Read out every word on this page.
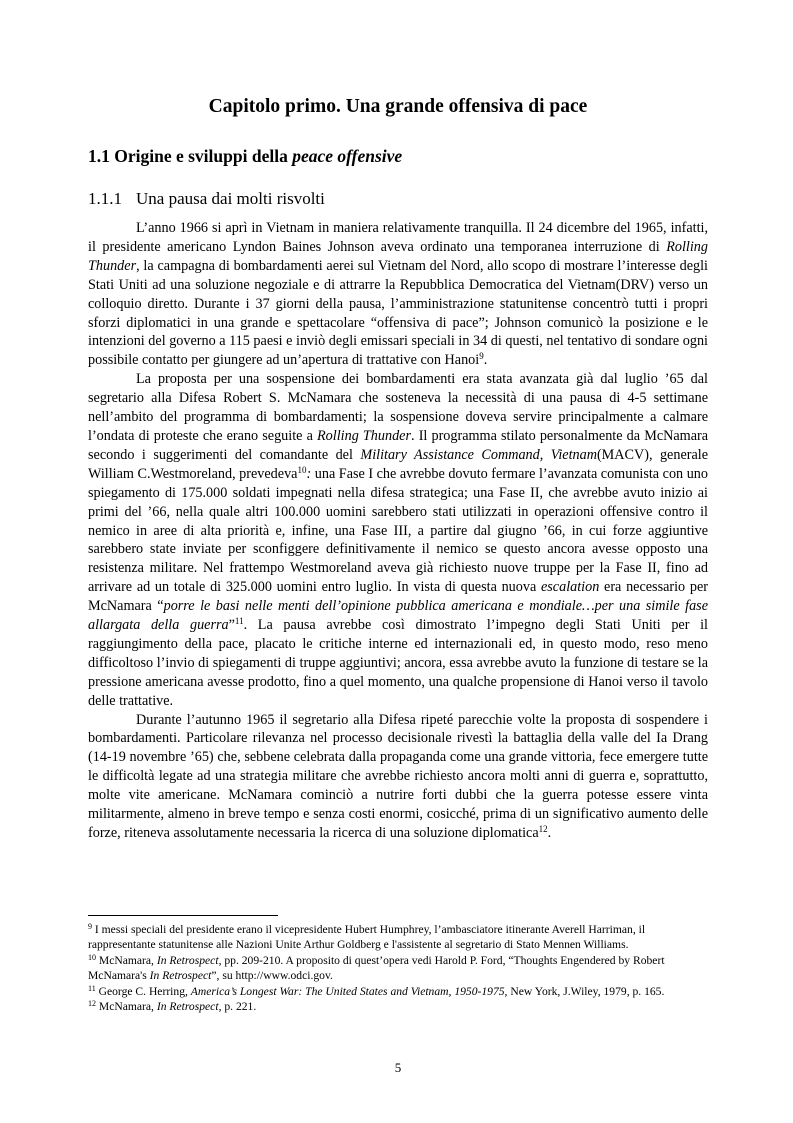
Capitolo primo. Una grande offensiva di pace
1.1 Origine e sviluppi della peace offensive
1.1.1 Una pausa dai molti risvolti

L’anno 1966 si aprì in Vietnam in maniera relativamente tranquilla. Il 24 dicembre del 1965, infatti, il presidente americano Lyndon Baines Johnson aveva ordinato una temporanea interruzione di Rolling Thunder, la campagna di bombardamenti aerei sul Vietnam del Nord, allo scopo di mostrare l’interesse degli Stati Uniti ad una soluzione negoziale e di attrarre la Repubblica Democratica del Vietnam(DRV) verso un colloquio diretto. Durante i 37 giorni della pausa, l’amministrazione statunitense concentrò tutti i propri sforzi diplomatici in una grande e spettacolare “offensiva di pace”; Johnson comunicò la posizione e le intenzioni del governo a 115 paesi e inviò degli emissari speciali in 34 di questi, nel tentativo di sondare ogni possibile contatto per giungere ad un’apertura di trattative con Hanoi$^9$.

La proposta per una sospensione dei bombardamenti era stata avanzata già dal luglio ’65 dal segretario alla Difesa Robert S. McNamara che sosteneva la necessità di una pausa di 4-5 settimane nell’ambito del programma di bombardamenti; la sospensione doveva servire principalmente a calmare l’ondata di proteste che erano seguite a Rolling Thunder. Il programma stilato personalmente da McNamara secondo i suggerimenti del comandante del Military Assistance Command, Vietnam(MACV), generale William C.Westmoreland, prevedeva$^{10}$: una Fase I che avrebbe dovuto fermare l’avanzata comunista con uno spiegamento di 175.000 soldati impegnati nella difesa strategica; una Fase II, che avrebbe avuto inizio ai primi del ’66, nella quale altri 100.000 uomini sarebbero stati utilizzati in operazioni offensive contro il nemico in aree di alta priorità e, infine, una Fase III, a partire dal giugno ’66, in cui forze aggiuntive sarebbero state inviate per sconfiggere definitivamente il nemico se questo ancora avesse opposto una resistenza militare. Nel frattempo Westmoreland aveva già richiesto nuove truppe per la Fase II, fino ad arrivare ad un totale di 325.000 uomini entro luglio. In vista di questa nuova escalation era necessario per McNamara “porre le basi nelle menti dell’opinione pubblica americana e mondiale…per una simile fase allargata della guerra”$^{11}$. La pausa avrebbe così dimostrato l’impegno degli Stati Uniti per il raggiungimento della pace, placato le critiche interne ed internazionali ed, in questo modo, reso meno difficoltoso l’invio di spiegamenti di truppe aggiuntivi; ancora, essa avrebbe avuto la funzione di testare se la pressione americana avesse prodotto, fino a quel momento, una qualche propensione di Hanoi verso il tavolo delle trattative.

Durante l’autunno 1965 il segretario alla Difesa ripeté parecchie volte la proposta di sospendere i bombardamenti. Particolare rilevanza nel processo decisionale rivestì la battaglia della valle del Ia Drang (14-19 novembre ’65) che, sebbene celebrata dalla propaganda come una grande vittoria, fece emergere tutte le difficoltà legate ad una strategia militare che avrebbe richiesto ancora molti anni di guerra e, soprattutto, molte vite americane. McNamara cominciò a nutrire forti dubbi che la guerra potesse essere vinta militarmente, almeno in breve tempo e senza costi enormi, cosicché, prima di un significativo aumento delle forze, riteneva assolutamente necessaria la ricerca di una soluzione diplomatica$^{12}$.

$^9$ I messi speciali del presidente erano il vicepresidente Hubert Humphrey, l’ambasciatore itinerante Averell Harriman, il rappresentante statunitense alle Nazioni Unite Arthur Goldberg e l'assistente al segretario di Stato Mennen Williams.

$^{10}$ McNamara, In Retrospect, pp. 209-210. A proposito di quest’opera vedi Harold P. Ford, “Thoughts Engendered by Robert McNamara's In Retrospect”, su http://www.odci.gov.

$^{11}$ George C. Herring, America’s Longest War: The United States and Vietnam, 1950-1975, New York, J.Wiley, 1979, p. 165.

$^{12}$ McNamara, In Retrospect, p. 221.

5
